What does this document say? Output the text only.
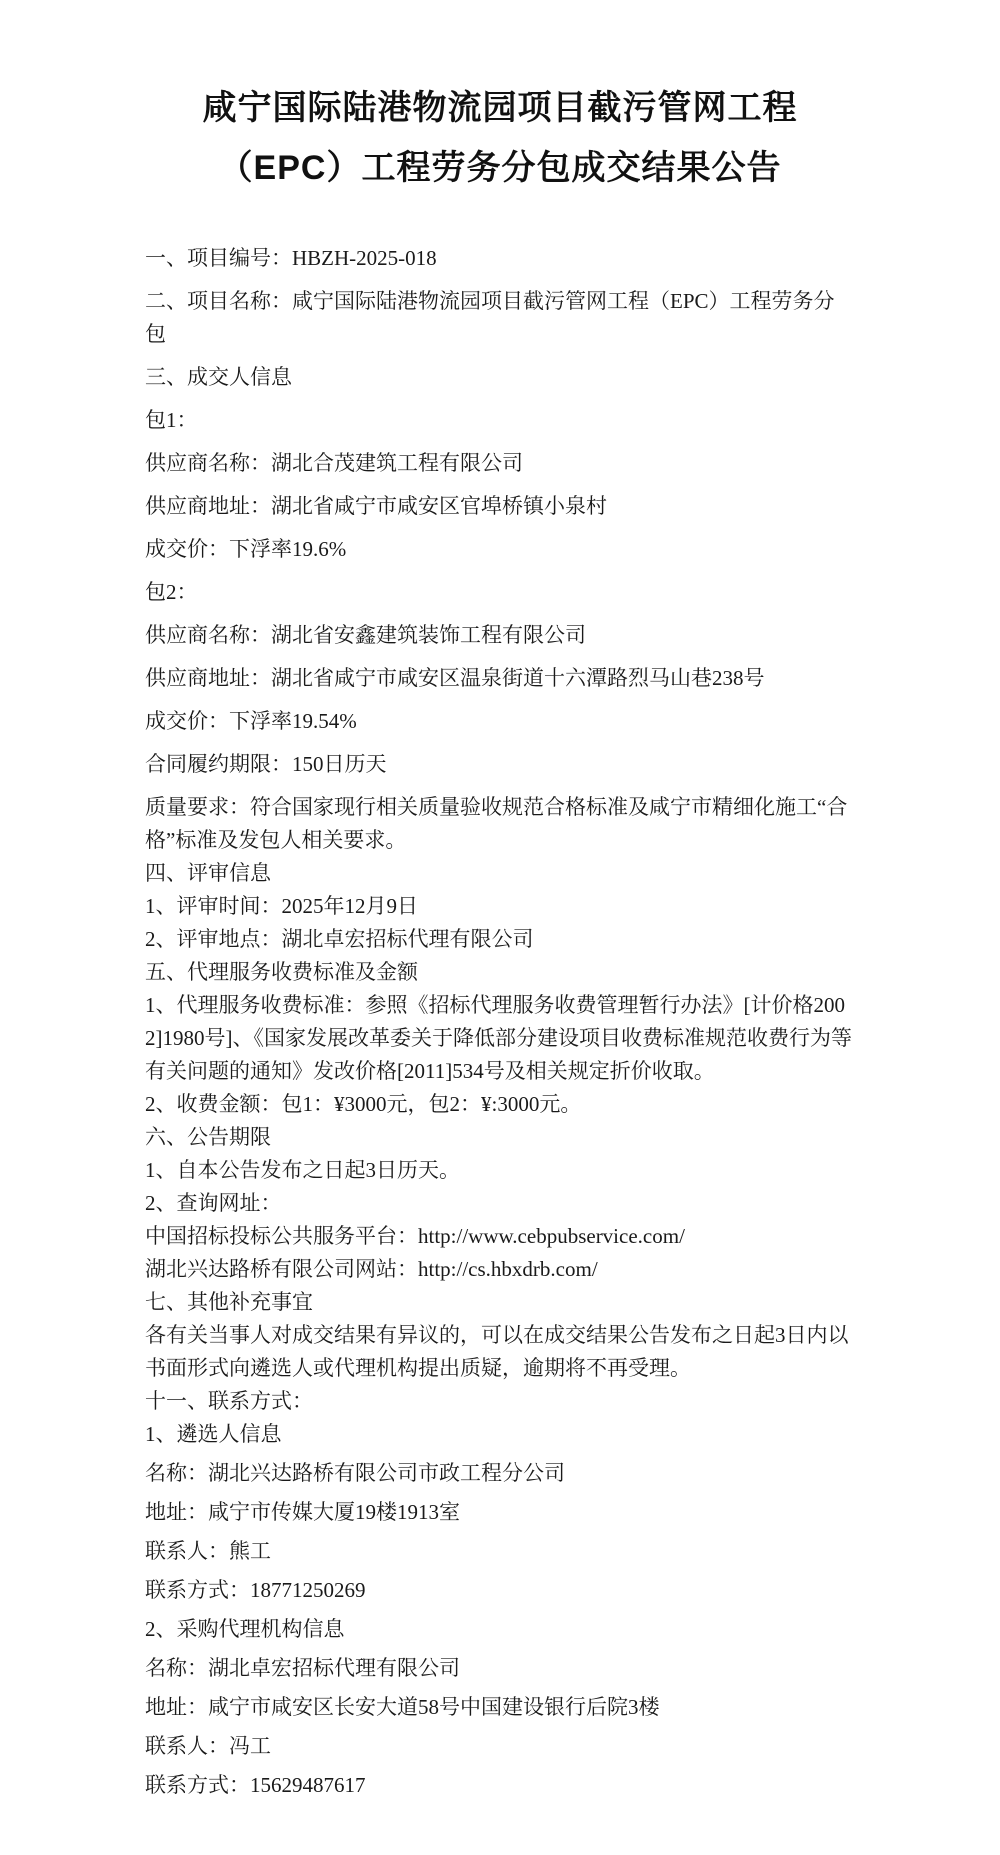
咸宁国际陆港物流园项目截污管网工程
（EPC）工程劳务分包成交结果公告

一、项目编号：HBZH-2025-018

二、项目名称：咸宁国际陆港物流园项目截污管网工程（EPC）工程劳务分包

三、成交人信息

包1：

供应商名称：湖北合茂建筑工程有限公司

供应商地址：湖北省咸宁市咸安区官埠桥镇小泉村

成交价：下浮率19.6%

包2：

供应商名称：湖北省安鑫建筑装饰工程有限公司

供应商地址：湖北省咸宁市咸安区温泉街道十六潭路烈马山巷238号

成交价：下浮率19.54%

合同履约期限：150日历天

质量要求：符合国家现行相关质量验收规范合格标准及咸宁市精细化施工“合格”标准及发包人相关要求。

四、评审信息

1、评审时间：2025年12月9日

2、评审地点：湖北卓宏招标代理有限公司

五、代理服务收费标准及金额

1、代理服务收费标准：参照《招标代理服务收费管理暂行办法》[计价格2002]1980号]、《国家发展改革委关于降低部分建设项目收费标准规范收费行为等有关问题的通知》发改价格[2011]534号及相关规定折价收取。

2、收费金额：包1：¥3000元，包2：¥:3000元。

六、公告期限

1、自本公告发布之日起3日历天。

2、查询网址：

中国招标投标公共服务平台：http://www.cebpubservice.com/

湖北兴达路桥有限公司网站：http://cs.hbxdrb.com/

七、其他补充事宜

各有关当事人对成交结果有异议的，可以在成交结果公告发布之日起3日内以书面形式向遴选人或代理机构提出质疑，逾期将不再受理。

十一、联系方式：

1、遴选人信息

名称：湖北兴达路桥有限公司市政工程分公司

地址：咸宁市传媒大厦19楼1913室

联系人：熊工

联系方式：18771250269

2、采购代理机构信息

名称：湖北卓宏招标代理有限公司

地址：咸宁市咸安区长安大道58号中国建设银行后院3楼

联系人：冯工

联系方式：15629487617
